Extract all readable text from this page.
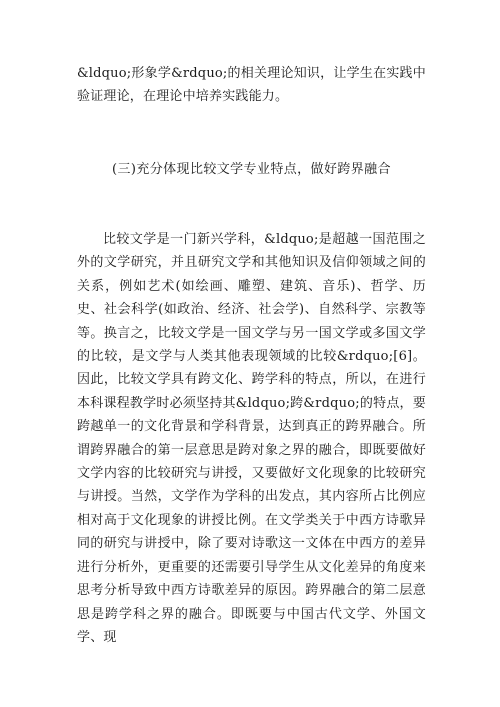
&ldquo;形象学&rdquo;的相关理论知识，让学生在实践中验证理论，在理论中培养实践能力。

(三)充分体现比较文学专业特点，做好跨界融合

比较文学是一门新兴学科，&ldquo;是超越一国范围之外的文学研究，并且研究文学和其他知识及信仰领域之间的关系，例如艺术(如绘画、雕塑、建筑、音乐)、哲学、历史、社会科学(如政治、经济、社会学)、自然科学、宗教等等。换言之，比较文学是一国文学与另一国文学或多国文学的比较，是文学与人类其他表现领域的比较&rdquo;[6]。因此，比较文学具有跨文化、跨学科的特点，所以，在进行本科课程教学时必须坚持其&ldquo;跨&rdquo;的特点，要跨越单一的文化背景和学科背景，达到真正的跨界融合。所谓跨界融合的第一层意思是跨对象之界的融合，即既要做好文学内容的比较研究与讲授，又要做好文化现象的比较研究与讲授。当然，文学作为学科的出发点，其内容所占比例应相对高于文化现象的讲授比例。在文学类关于中西方诗歌异同的研究与讲授中，除了要对诗歌这一文体在中西方的差异进行分析外，更重要的还需要引导学生从文化差异的角度来思考分析导致中西方诗歌差异的原因。跨界融合的第二层意思是跨学科之界的融合。即既要与中国古代文学、外国文学、现
